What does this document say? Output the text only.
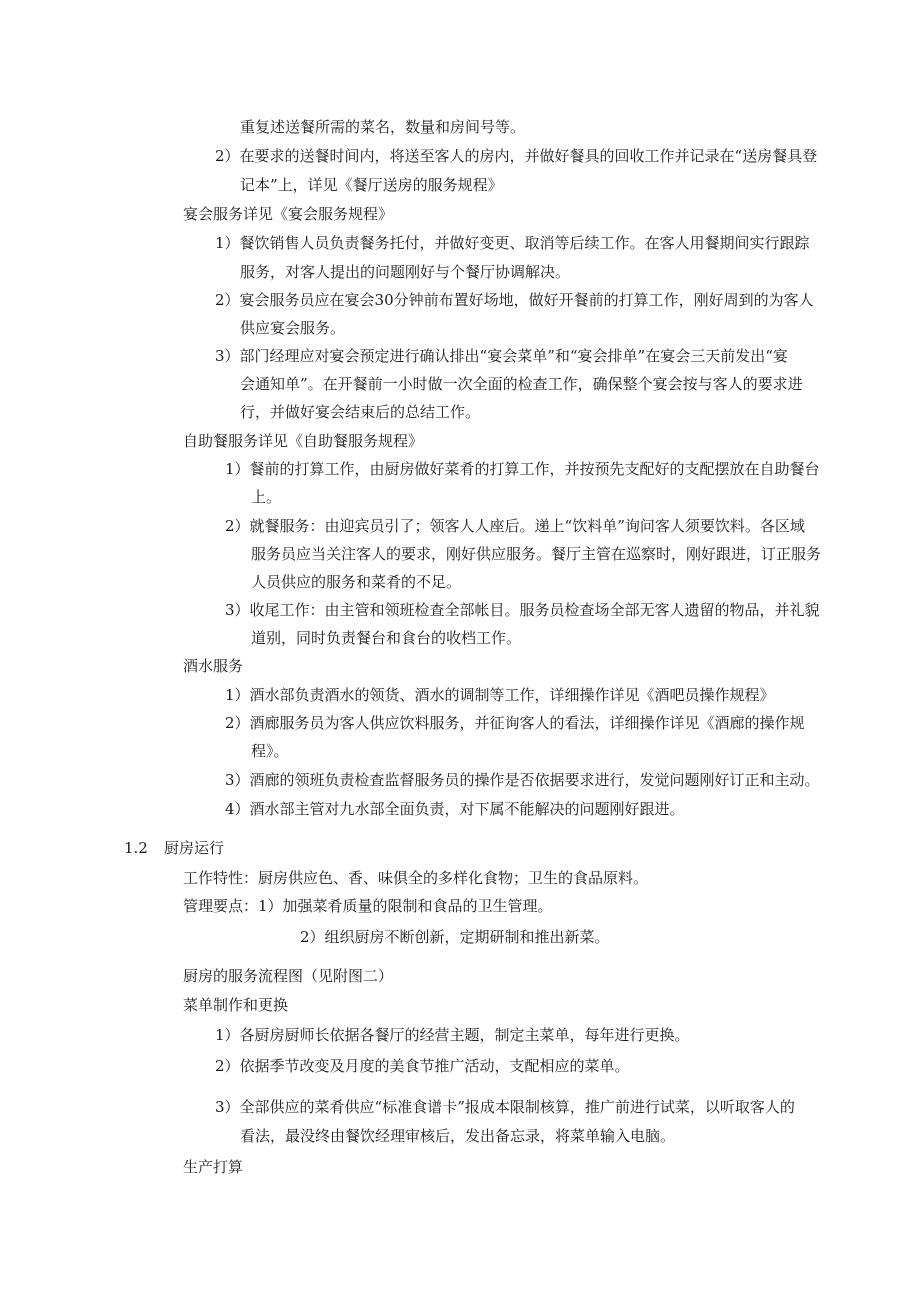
重复述送餐所需的菜名，数量和房间号等。
2）在要求的送餐时间内，将送至客人的房内，并做好餐具的回收工作并记录在“送房餐具登
记本”上，详见《餐厅送房的服务规程》
宴会服务详见《宴会服务规程》
1）餐饮销售人员负责餐务托付，并做好变更、取消等后续工作。在客人用餐期间实行跟踪
服务，对客人提出的问题刚好与个餐厅协调解决。
2）宴会服务员应在宴会30分钟前布置好场地，做好开餐前的打算工作，刚好周到的为客人
供应宴会服务。
3）部门经理应对宴会预定进行确认排出“宴会菜单”和“宴会排单”在宴会三天前发出“宴
会通知单”。在开餐前一小时做一次全面的检查工作，确保整个宴会按与客人的要求进
行，并做好宴会结束后的总结工作。
自助餐服务详见《自助餐服务规程》
1）餐前的打算工作，由厨房做好菜肴的打算工作，并按预先支配好的支配摆放在自助餐台
上。
2）就餐服务：由迎宾员引了；领客人人座后。递上“饮料单”询问客人须要饮料。各区域
服务员应当关注客人的要求，刚好供应服务。餐厅主管在巡察时，刚好跟进，订正服务
人员供应的服务和菜肴的不足。
3）收尾工作：由主管和领班检查全部帐目。服务员检查场全部无客人遗留的物品，并礼貌
道别，同时负责餐台和食台的收档工作。
酒水服务
1）酒水部负责酒水的领货、酒水的调制等工作，详细操作详见《酒吧员操作规程》
2）酒廊服务员为客人供应饮料服务，并征询客人的看法，详细操作详见《酒廊的操作规
程》。
3）酒廊的领班负责检查监督服务员的操作是否依据要求进行，发觉问题刚好订正和主动。
4）酒水部主管对九水部全面负责，对下属不能解决的问题刚好跟进。
1.2 厨房运行
工作特性：厨房供应色、香、味俱全的多样化食物；卫生的食品原料。
管理要点：1）加强菜肴质量的限制和食品的卫生管理。
2）组织厨房不断创新，定期研制和推出新菜。
厨房的服务流程图（见附图二）
菜单制作和更换
1）各厨房厨师长依据各餐厅的经营主题，制定主菜单，每年进行更换。
2）依据季节改变及月度的美食节推广活动，支配相应的菜单。
3）全部供应的菜肴供应“标准食谱卡”报成本限制核算，推广前进行试菜，以听取客人的
看法，最没终由餐饮经理审核后，发出备忘录，将菜单输入电脑。
生产打算
